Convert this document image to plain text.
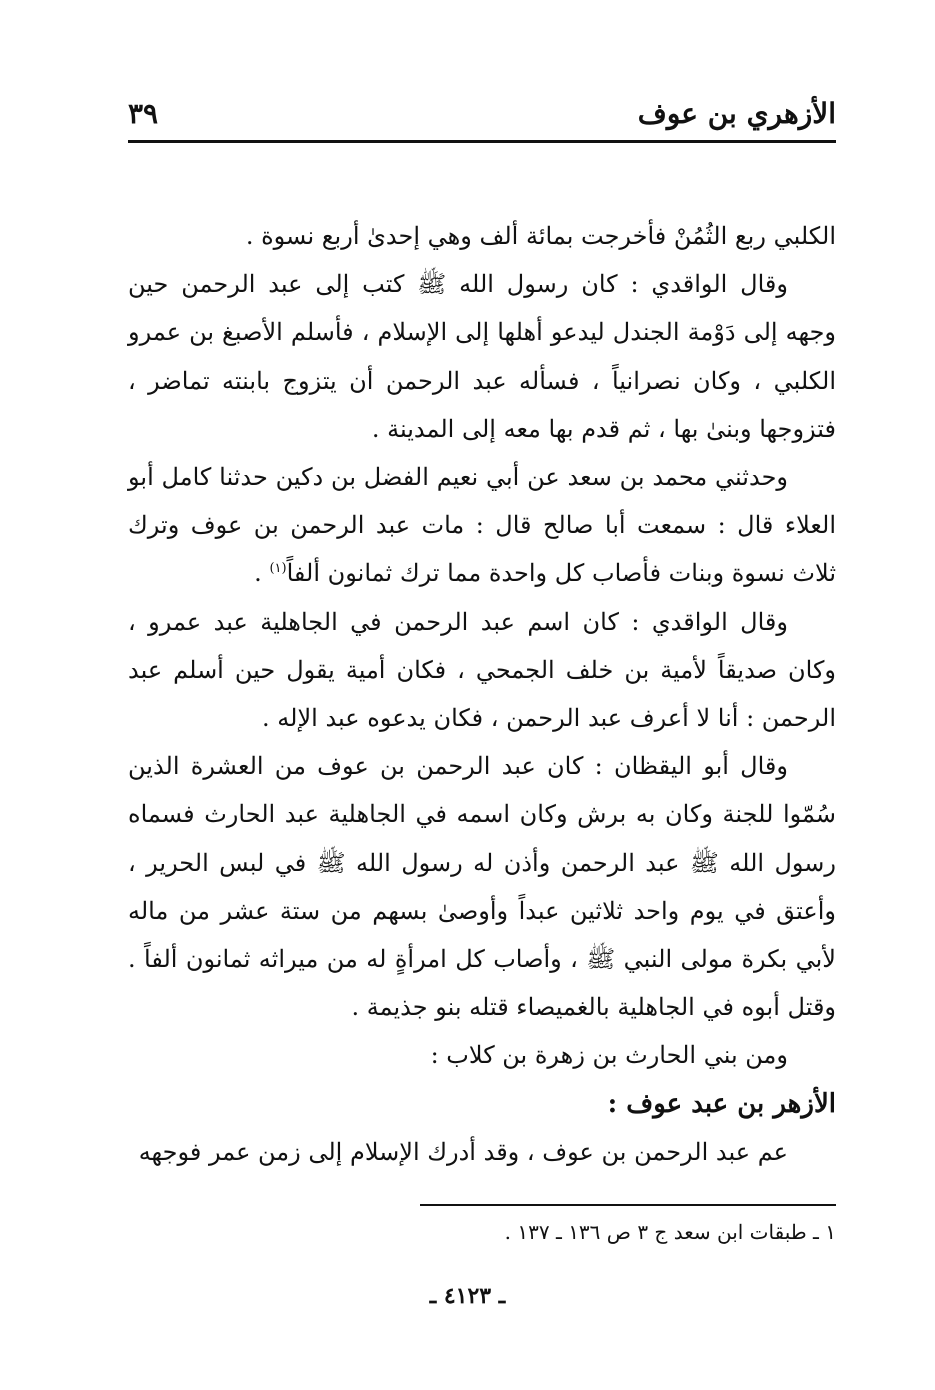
الأزهري بن عوف
٣٩

الكلبي ربع الثُمُنْ فأخرجت بمائة ألف وهي إحدىٰ أربع نسوة .

وقال الواقدي : كان رسول الله ﷺ كتب إلى عبد الرحمن حين وجهه إلى دَوْمة الجندل ليدعو أهلها إلى الإسلام ، فأسلم الأصبغ بن عمرو الكلبي ، وكان نصرانياً ، فسأله عبد الرحمن أن يتزوج بابنته تماضر ، فتزوجها وبنىٰ بها ، ثم قدم بها معه إلى المدينة .

وحدثني محمد بن سعد عن أبي نعيم الفضل بن دكين حدثنا كامل أبو العلاء قال : سمعت أبا صالح قال : مات عبد الرحمن بن عوف وترك ثلاث نسوة وبنات فأصاب كل واحدة مما ترك ثمانون ألفاً$^{(١)}$ .

وقال الواقدي : كان اسم عبد الرحمن في الجاهلية عبد عمرو ، وكان صديقاً لأمية بن خلف الجمحي ، فكان أمية يقول حين أسلم عبد الرحمن : أنا لا أعرف عبد الرحمن ، فكان يدعوه عبد الإله .

وقال أبو اليقظان : كان عبد الرحمن بن عوف من العشرة الذين سُمّوا للجنة وكان به برش وكان اسمه في الجاهلية عبد الحارث فسماه رسول الله ﷺ عبد الرحمن وأذن له رسول الله ﷺ في لبس الحرير ، وأعتق في يوم واحد ثلاثين عبداً وأوصىٰ بسهم من ستة عشر من ماله لأبي بكرة مولى النبي ﷺ ، وأصاب كل امرأةٍ له من ميراثه ثمانون ألفاً . وقتل أبوه في الجاهلية بالغميصاء قتله بنو جذيمة .

ومن بني الحارث بن زهرة بن كلاب :

الأزهر بن عبد عوف :

عم عبد الرحمن بن عوف ، وقد أدرك الإسلام إلى زمن عمر فوجهه

١ ـ طبقات ابن سعد ج ٣ ص ١٣٦ ـ ١٣٧ .
ـ ٤١٢٣ ـ
